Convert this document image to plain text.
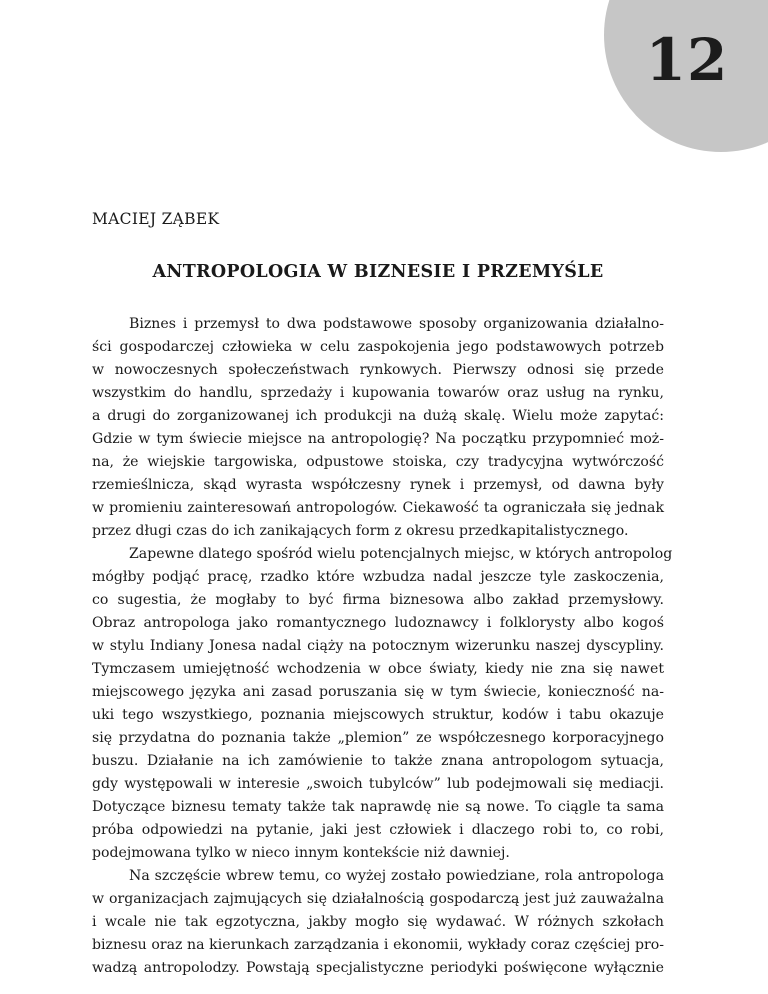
12
MACIEJ ZĄBEK
ANTROPOLOGIA W BIZNESIE I PRZEMYŚLE
Biznes i przemysł to dwa podstawowe sposoby organizowania działalno-
ści gospodarczej człowieka w celu zaspokojenia jego podstawowych potrzeb
w nowoczesnych społeczeństwach rynkowych. Pierwszy odnosi się przede
wszystkim do handlu, sprzedaży i kupowania towarów oraz usług na rynku,
a drugi do zorganizowanej ich produkcji na dużą skalę. Wielu może zapytać:
Gdzie w tym świecie miejsce na antropologię? Na początku przypomnieć moż-
na, że wiejskie targowiska, odpustowe stoiska, czy tradycyjna wytwórczość
rzemieślnicza, skąd wyrasta współczesny rynek i przemysł, od dawna były
w promieniu zainteresowań antropologów. Ciekawość ta ograniczała się jednak
przez długi czas do ich zanikających form z okresu przedkapitalistycznego.
Zapewne dlatego spośród wielu potencjalnych miejsc, w których antropolog
mógłby podjąć pracę, rzadko które wzbudza nadal jeszcze tyle zaskoczenia,
co sugestia, że mogłaby to być firma biznesowa albo zakład przemysłowy.
Obraz antropologa jako romantycznego ludoznawcy i folklorysty albo kogoś
w stylu Indiany Jonesa nadal ciąży na potocznym wizerunku naszej dyscypliny.
Tymczasem umiejętność wchodzenia w obce światy, kiedy nie zna się nawet
miejscowego języka ani zasad poruszania się w tym świecie, konieczność na-
uki tego wszystkiego, poznania miejscowych struktur, kodów i tabu okazuje
się przydatna do poznania także „plemion” ze współczesnego korporacyjnego
buszu. Działanie na ich zamówienie to także znana antropologom sytuacja,
gdy występowali w interesie „swoich tubylców” lub podejmowali się mediacji.
Dotyczące biznesu tematy także tak naprawdę nie są nowe. To ciągle ta sama
próba odpowiedzi na pytanie, jaki jest człowiek i dlaczego robi to, co robi,
podejmowana tylko w nieco innym kontekście niż dawniej.
Na szczęście wbrew temu, co wyżej zostało powiedziane, rola antropologa
w organizacjach zajmujących się działalnością gospodarczą jest już zauważalna
i wcale nie tak egzotyczna, jakby mogło się wydawać. W różnych szkołach
biznesu oraz na kierunkach zarządzania i ekonomii, wykłady coraz częściej pro-
wadzą antropolodzy. Powstają specjalistyczne periodyki poświęcone wyłącznie
